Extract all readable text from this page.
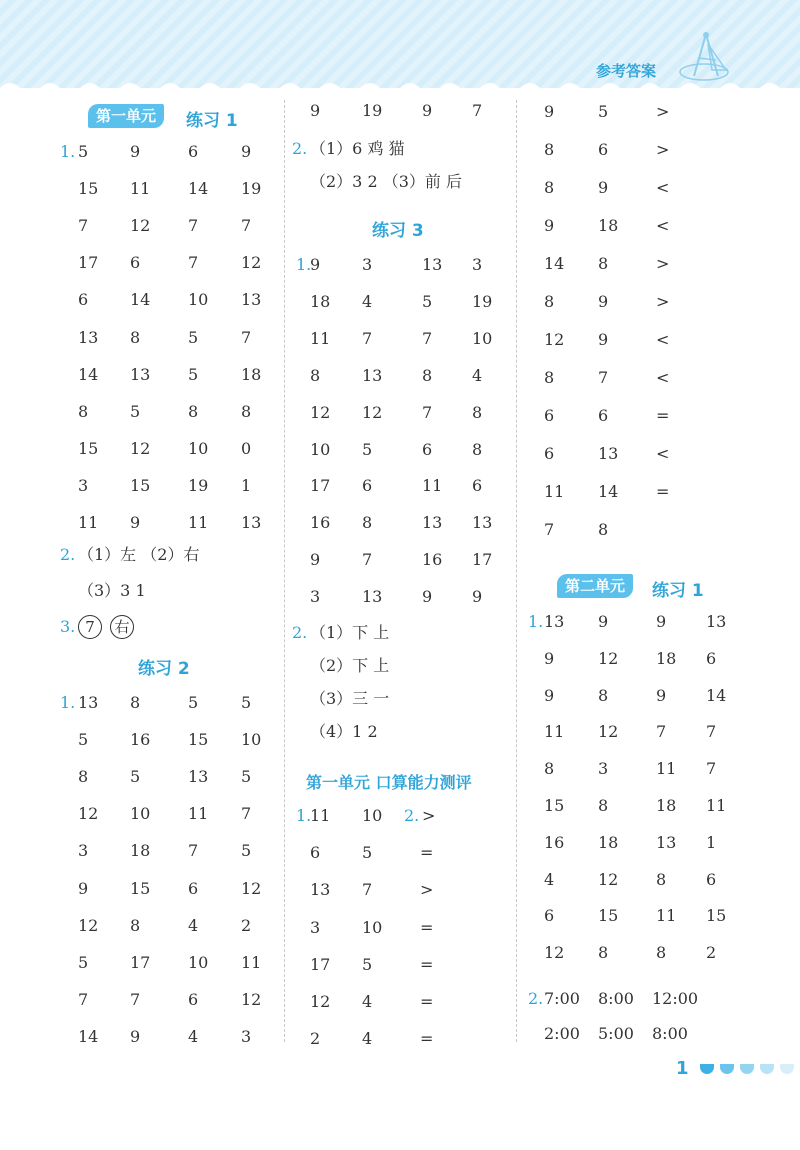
参考答案
第一单元	练习 1
1. 5	9	6	9
15 11 14 19
7	12 7	7
17 6	7	12
6	14 10 13
13 8	5	7
14 13 5	18
8	5	8	8
15 12 10 0
3	15 19 1
11 9	11 13
2. （1）左 （2）右
（3）3 1
3. 7 右
练习 2
1. 13 8	5	5
5	16 15 10
8	5	13 5
12 10 11 7
3	18 7	5
9	15 6	12
12 8	4	2
5	17 10 11
7	7	6	12
14 9	4	3
9	19 9 7
2. （1）6 鸡 猫
（2）3 2 （3）前 后
练习 3
1.
9	3	13 3
18 4	5 19
11 7	7 10
8	13 8 4
12 12 7 8
10 5	6 8
17 6	11 6
16 8	13 13
9	7	16 17
3	13 9 9
2. （1）下 上
（2）下 上
（3）三 一
（4）1 2
第一单元 口算能力测评
1.
11 10 >
2.
6	5	=
13 7	>
3	10 =
17 5	=
12 4	=
2	4	=
9	5	>
8	6	>
8	9	<
9	18 <
14 8	>
8	9	>
12 9	<
8	7	<
6	6	=
6	13 <
11 14 =
7	8
第二单元	练习 1
1. 13 9	9 13
9	12 18 6
9	8	9 14
11 12 7 7
8	3	11 7
15 8	18 11
16 18 13 1
4	12 8 6
6	15 11 15
12 8	8 2
2. 7:00 8:00 12:00
2:00 5:00 8:00
1
